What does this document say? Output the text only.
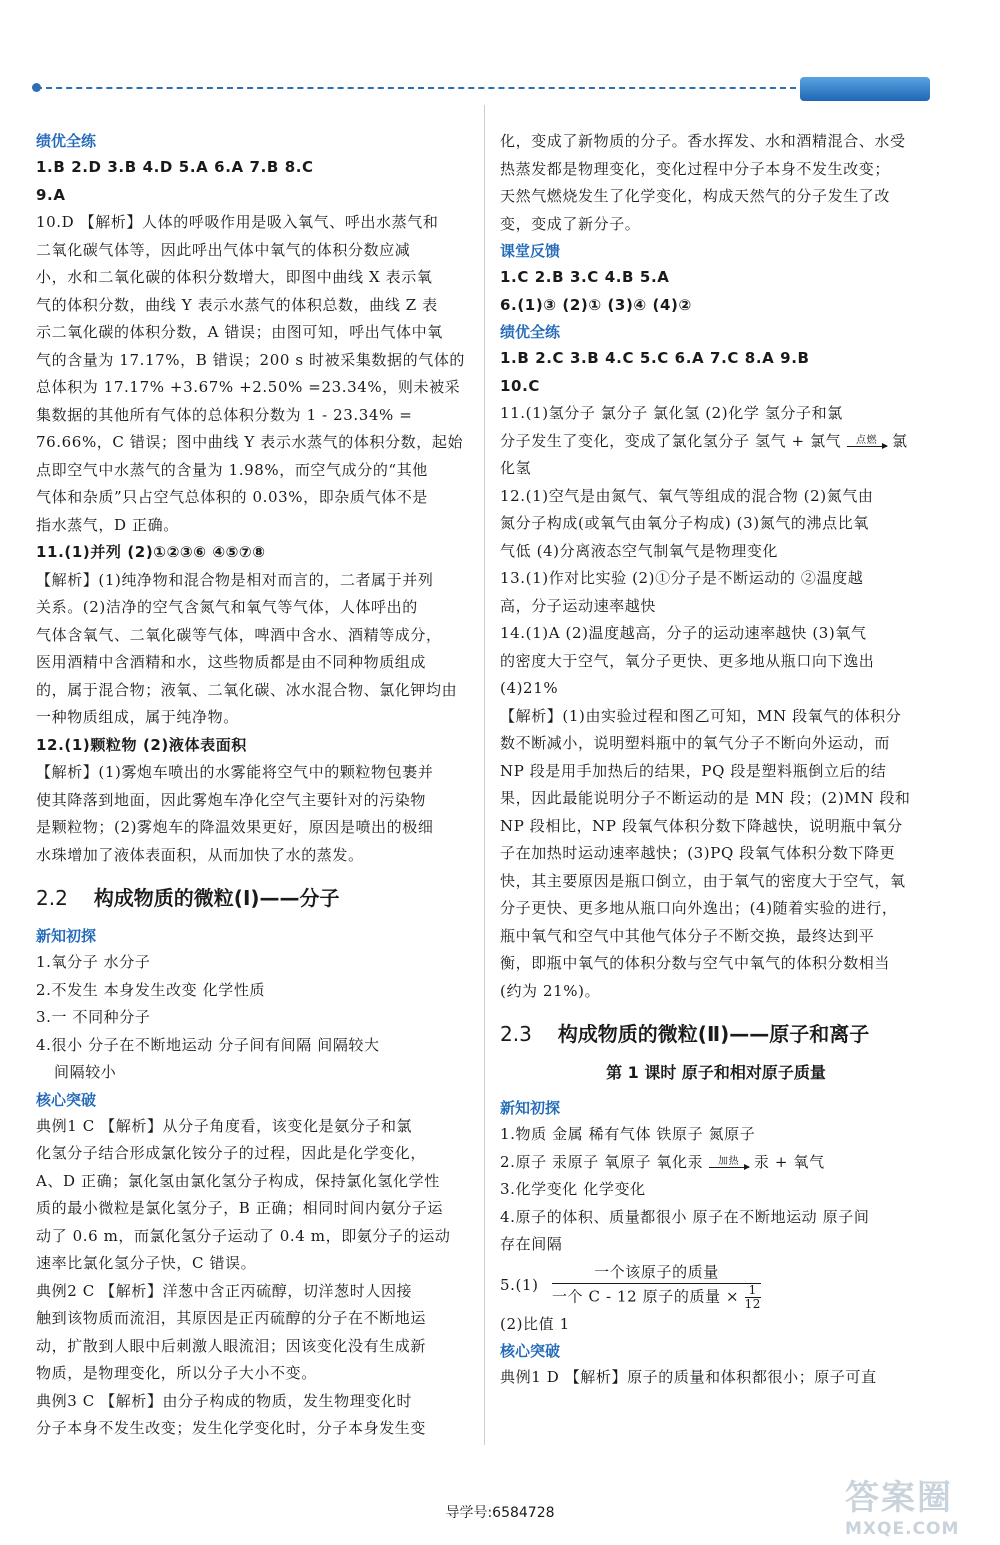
绩优全练

1.B 2.D 3.B 4.D 5.A 6.A 7.B 8.C

9.A

10.D 【解析】人体的呼吸作用是吸入氧气、呼出水蒸气和

二氧化碳气体等，因此呼出气体中氧气的体积分数应减

小，水和二氧化碳的体积分数增大，即图中曲线 X 表示氧

气的体积分数，曲线 Y 表示水蒸气的体积总数，曲线 Z 表

示二氧化碳的体积分数，A 错误；由图可知，呼出气体中氧

气的含量为 17.17%，B 错误；200 s 时被采集数据的气体的

总体积为 17.17% +3.67% +2.50% =23.34%，则未被采

集数据的其他所有气体的总体积分数为 1 - 23.34% =

76.66%，C 错误；图中曲线 Y 表示水蒸气的体积分数，起始

点即空气中水蒸气的含量为 1.98%，而空气成分的“其他

气体和杂质”只占空气总体积的 0.03%，即杂质气体不是

指水蒸气，D 正确。

11.(1)并列 (2)①②③⑥ ④⑤⑦⑧

【解析】(1)纯净物和混合物是相对而言的，二者属于并列

关系。(2)洁净的空气含氮气和氧气等气体，人体呼出的

气体含氧气、二氧化碳等气体，啤酒中含水、酒精等成分，

医用酒精中含酒精和水，这些物质都是由不同种物质组成

的，属于混合物；液氧、二氧化碳、冰水混合物、氯化钾均由

一种物质组成，属于纯净物。

12.(1)颗粒物 (2)液体表面积

【解析】(1)雾炮车喷出的水雾能将空气中的颗粒物包裹并

使其降落到地面，因此雾炮车净化空气主要针对的污染物

是颗粒物；(2)雾炮车的降温效果更好，原因是喷出的极细

水珠增加了液体表面积，从而加快了水的蒸发。

2.2 构成物质的微粒(Ⅰ)——分子

新知初探

1.氧分子 水分子

2.不发生 本身发生改变 化学性质

3.一 不同种分子

4.很小 分子在不断地运动 分子间有间隔 间隔较大

间隔较小

核心突破

典例1 C 【解析】从分子角度看，该变化是氨分子和氯

化氢分子结合形成氯化铵分子的过程，因此是化学变化，

A、D 正确；氯化氢由氯化氢分子构成，保持氯化氢化学性

质的最小微粒是氯化氢分子，B 正确；相同时间内氨分子运

动了 0.6 m，而氯化氢分子运动了 0.4 m，即氨分子的运动

速率比氯化氢分子快，C 错误。

典例2 C 【解析】洋葱中含正丙硫醇，切洋葱时人因接

触到该物质而流泪，其原因是正丙硫醇的分子在不断地运

动，扩散到人眼中后刺激人眼流泪；因该变化没有生成新

物质，是物理变化，所以分子大小不变。

典例3 C 【解析】由分子构成的物质，发生物理变化时

分子本身不发生改变；发生化学变化时，分子本身发生变

化，变成了新物质的分子。香水挥发、水和酒精混合、水受

热蒸发都是物理变化，变化过程中分子本身不发生改变；

天然气燃烧发生了化学变化，构成天然气的分子发生了改

变，变成了新分子。

课堂反馈

1.C 2.B 3.C 4.B 5.A

6.(1)③ (2)① (3)④ (4)②

绩优全练

1.B 2.C 3.B 4.C 5.C 6.A 7.C 8.A 9.B

10.C

11.(1)氢分子 氯分子 氯化氢 (2)化学 氢分子和氯

分子发生了变化，变成了氯化氢分子 氢气 + 氯气	点燃 氯

化氢

12.(1)空气是由氮气、氧气等组成的混合物 (2)氮气由

氮分子构成(或氧气由氧分子构成) (3)氮气的沸点比氧

气低 (4)分离液态空气制氧气是物理变化

13.(1)作对比实验 (2)①分子是不断运动的 ②温度越

高，分子运动速率越快

14.(1)A (2)温度越高，分子的运动速率越快 (3)氧气

的密度大于空气，氧分子更快、更多地从瓶口向下逸出

(4)21%

【解析】(1)由实验过程和图乙可知，MN 段氧气的体积分

数不断减小，说明塑料瓶中的氧气分子不断向外运动，而

NP 段是用手加热后的结果，PQ 段是塑料瓶倒立后的结

果，因此最能说明分子不断运动的是 MN 段；(2)MN 段和

NP 段相比，NP 段氧气体积分数下降越快，说明瓶中氧分

子在加热时运动速率越快；(3)PQ 段氧气体积分数下降更

快，其主要原因是瓶口倒立，由于氧气的密度大于空气，氧

分子更快、更多地从瓶口向外逸出；(4)随着实验的进行，

瓶中氧气和空气中其他气体分子不断交换，最终达到平

衡，即瓶中氧气的体积分数与空气中氧气的体积分数相当

(约为 21%)。

2.3 构成物质的微粒(Ⅱ)——原子和离子
第 1 课时 原子和相对原子质量

新知初探

1.物质 金属 稀有气体 铁原子 氮原子

2.原子 汞原子 氧原子 氧化汞	加热 汞 + 氧气

3.化学变化 化学变化

4.原子的体积、质量都很小 原子在不断地运动 原子间

存在间隔

$5.(1) \frac{\text{一个该原子的质量}}{一个 C - 12 原子的质量 \times \frac{1}{12}}$

(2)比值 1

核心突破

典例1 D 【解析】原子的质量和体积都很小；原子可直

导学号:6584728	答案圈
MXQE.COM
